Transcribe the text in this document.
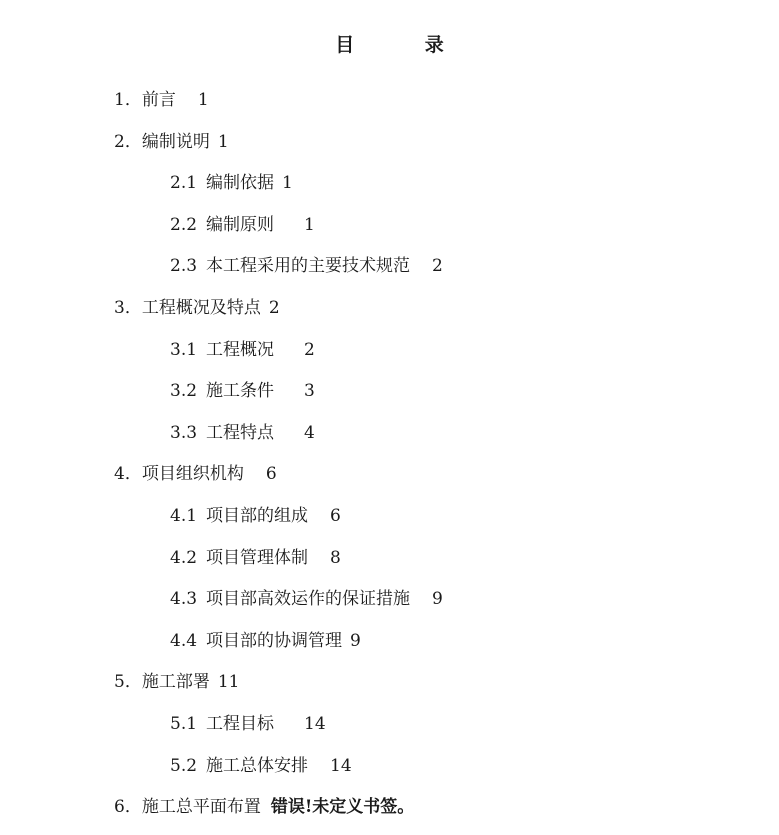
目 录
1． 前言 1
2． 编制说明 1
2.1 编制依据 1
2.2 编制原则 1
2.3 本工程采用的主要技术规范 2
3． 工程概况及特点 2
3.1 工程概况 2
3.2 施工条件 3
3.3 工程特点 4
4． 项目组织机构 6
4.1 项目部的组成 6
4.2 项目管理体制 8
4.3 项目部高效运作的保证措施 9
4.4 项目部的协调管理 9
5． 施工部署 11
5.1 工程目标 14
5.2 施工总体安排 14
6． 施工总平面布置 错误!未定义书签。
